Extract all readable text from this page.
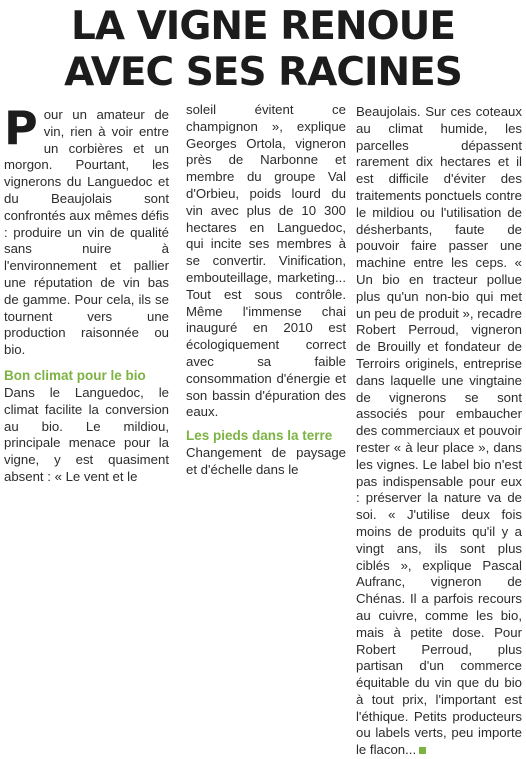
LA VIGNE RENOUE
AVEC SES RACINES

Pour un amateur de vin, rien à voir entre un corbières et un morgon. Pourtant, les vignerons du Languedoc et du Beaujolais sont confrontés aux mêmes défis : produire un vin de qualité sans nuire à l'environnement et pallier une réputation de vin bas de gamme. Pour cela, ils se tournent vers une production raisonnée ou bio.

Bon climat pour le bio

Dans le Languedoc, le climat facilite la conversion au bio. Le mildiou, principale menace pour la vigne, y est quasiment absent : « Le vent et le

soleil évitent ce champignon », explique Georges Ortola, vigneron près de Narbonne et membre du groupe Val d'Orbieu, poids lourd du vin avec plus de 10 300 hectares en Languedoc, qui incite ses membres à se convertir. Vinification, embouteillage, marketing... Tout est sous contrôle. Même l'immense chai inauguré en 2010 est écologiquement correct avec sa faible consommation d'énergie et son bassin d'épuration des eaux.

Les pieds dans la terre

Changement de paysage et d'échelle dans le

Beaujolais. Sur ces coteaux au climat humide, les parcelles dépassent rarement dix hectares et il est difficile d'éviter des traitements ponctuels contre le mildiou ou l'utilisation de désherbants, faute de pouvoir faire passer une machine entre les ceps. « Un bio en tracteur pollue plus qu'un non-bio qui met un peu de produit », recadre Robert Perroud, vigneron de Brouilly et fondateur de Terroirs originels, entreprise dans laquelle une vingtaine de vignerons se sont associés pour embaucher des commerciaux et pouvoir rester « à leur place », dans les vignes. Le label bio n'est pas indispensable pour eux : préserver la nature va de soi. « J'utilise deux fois moins de produits qu'il y a vingt ans, ils sont plus ciblés », explique Pascal Aufranc, vigneron de Chénas. Il a parfois recours au cuivre, comme les bio, mais à petite dose. Pour Robert Perroud, plus partisan d'un commerce équitable du vin que du bio à tout prix, l'important est l'éthique. Petits producteurs ou labels verts, peu importe le flacon...
